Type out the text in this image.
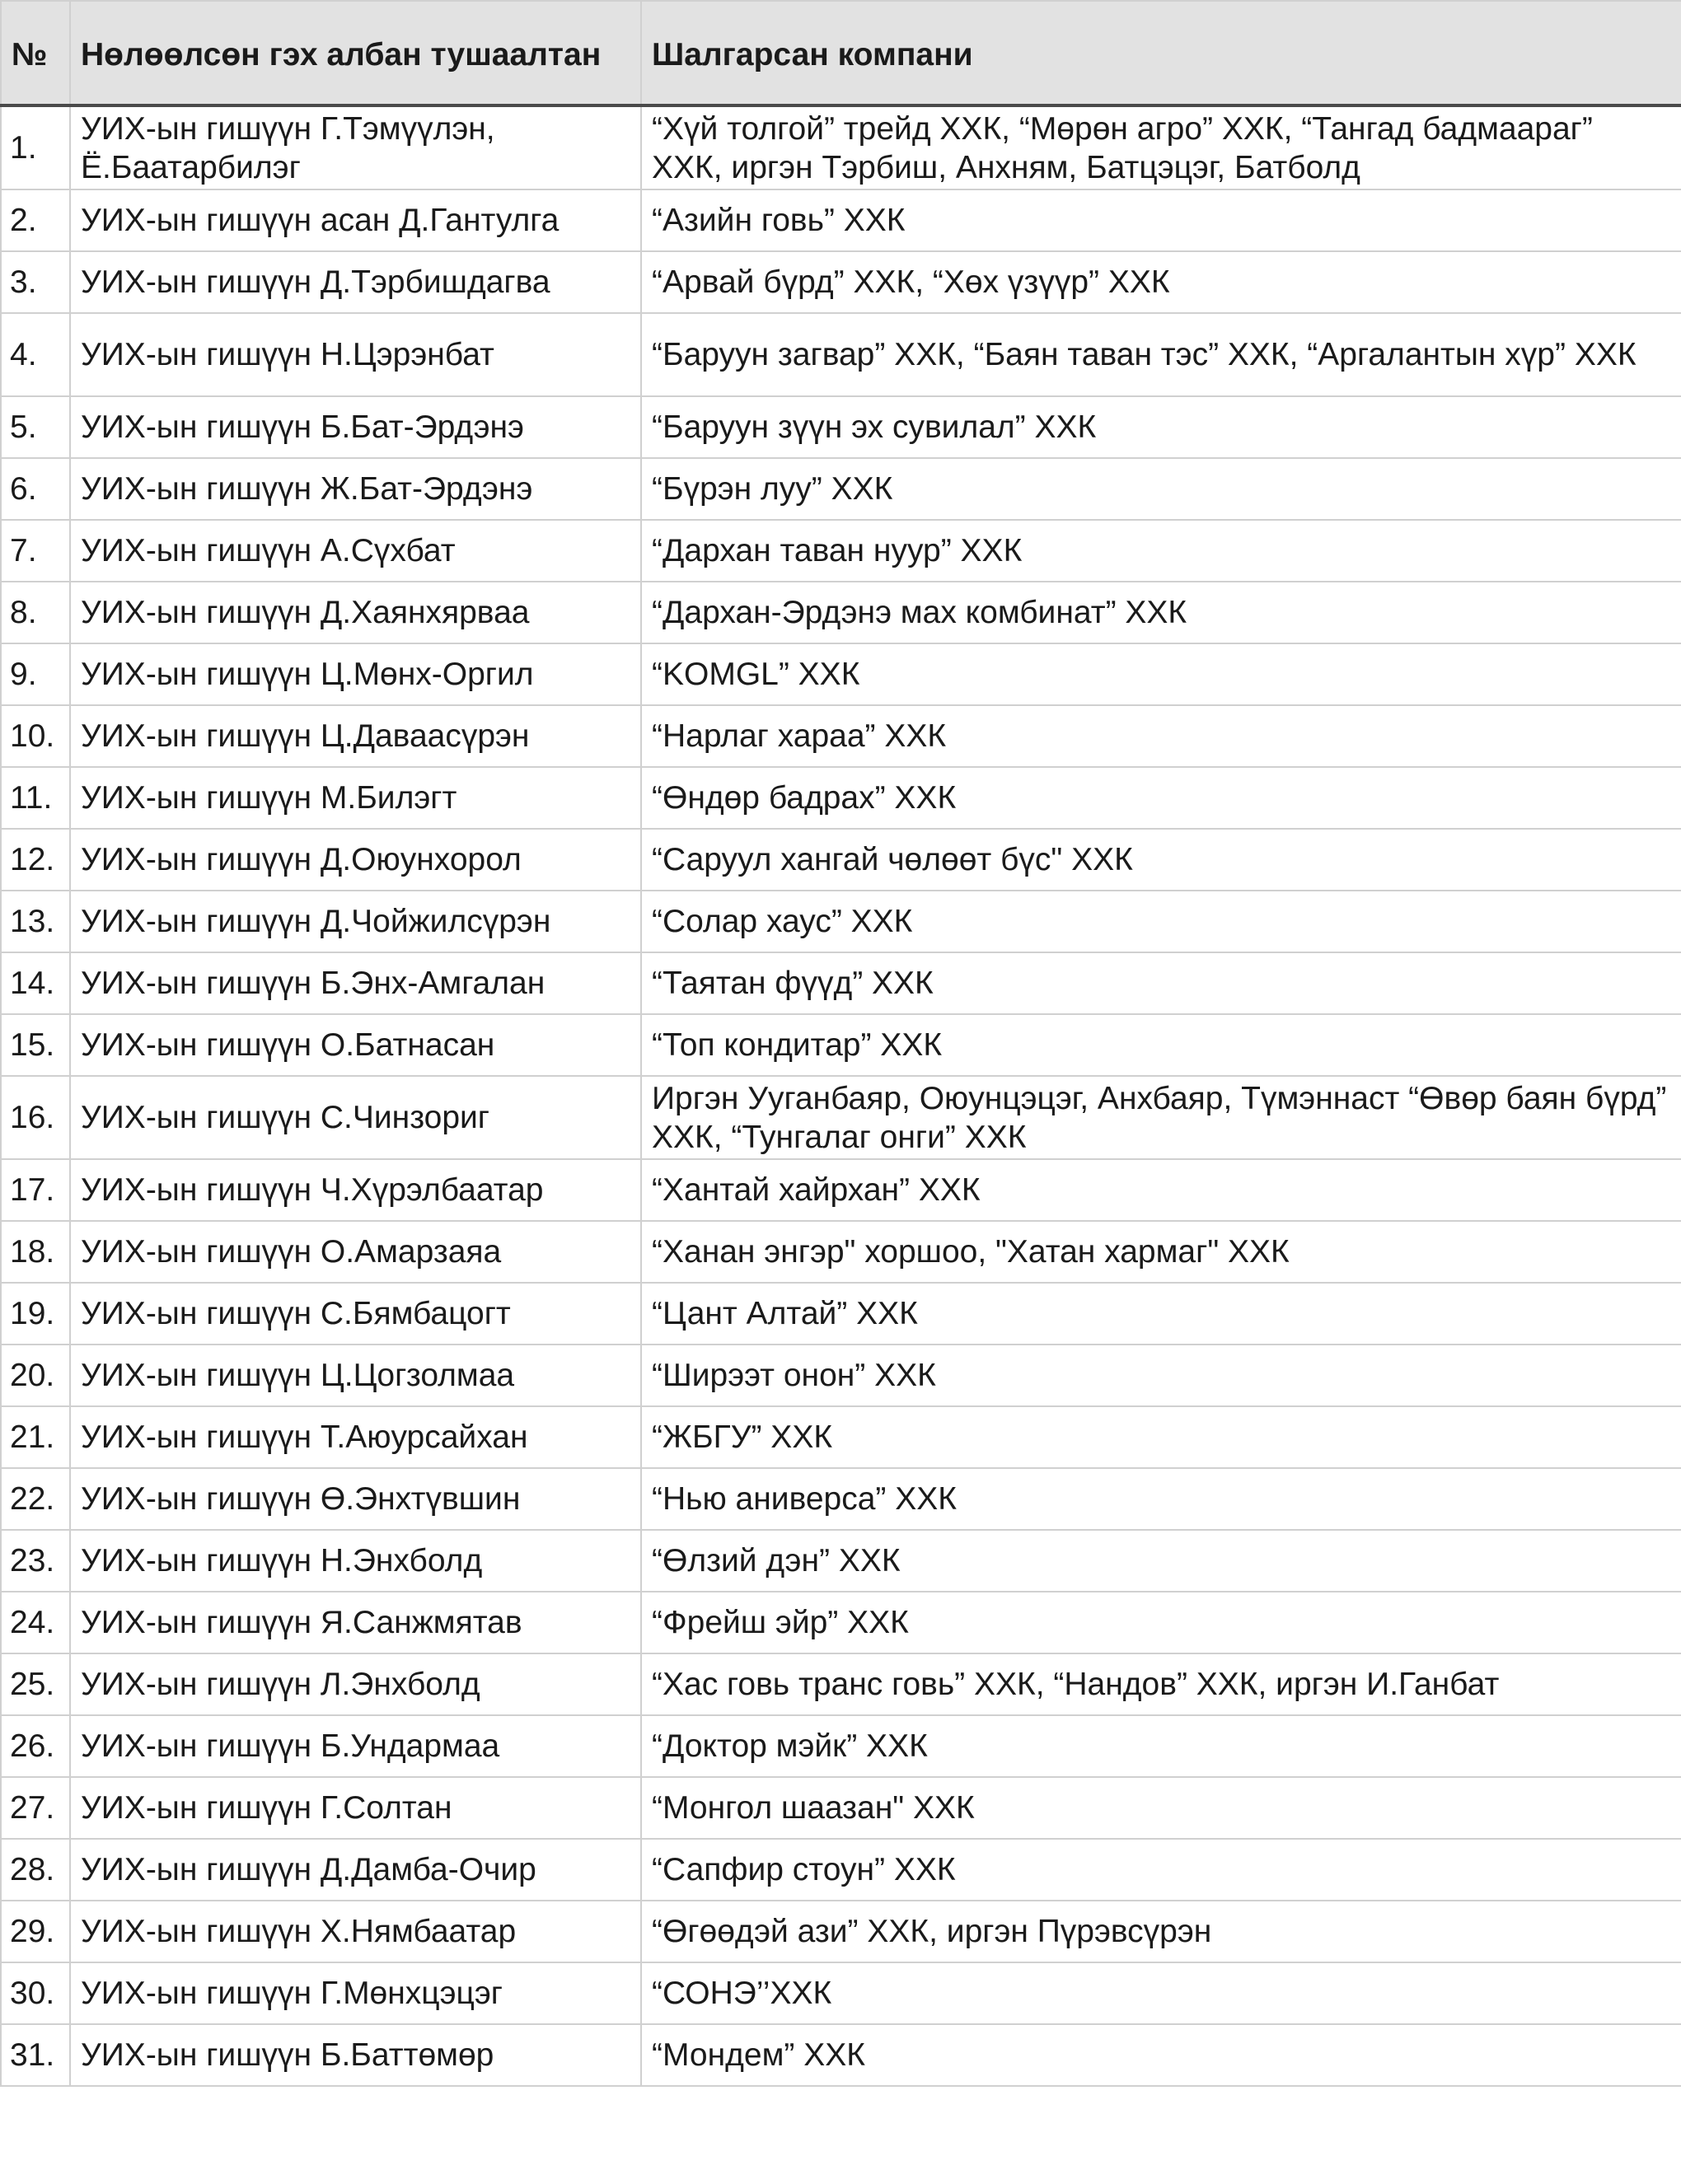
№	Нөлөөлсөн гэх албан тушаалтан	Шалгарсан компани
1.	УИХ-ын гишүүн Г.Тэмүүлэн, Ё.Баатарбилэг	“Хүй толгой” трейд ХХК, “Мөрөн агро” ХХК, “Тангад бадмаараг” ХХК, иргэн Тэрбиш, Анхням, Батцэцэг, Батболд
2.	УИХ-ын гишүүн асан Д.Гантулга	“Азийн говь” ХХК
3.	УИХ-ын гишүүн Д.Тэрбишдагва	“Арвай бүрд” ХХК, “Хөх үзүүр” ХХК
4.	УИХ-ын гишүүн Н.Цэрэнбат	“Баруун загвар” ХХК, “Баян таван тэс” ХХК, “Аргалантын хүр” ХХК
5.	УИХ-ын гишүүн Б.Бат-Эрдэнэ	“Баруун зүүн эх сувилал” ХХК
6.	УИХ-ын гишүүн Ж.Бат-Эрдэнэ	“Бүрэн луу” ХХК
7.	УИХ-ын гишүүн А.Сүхбат	“Дархан таван нуур” ХХК
8.	УИХ-ын гишүүн Д.Хаянхярваа	“Дархан-Эрдэнэ мах комбинат” ХХК
9.	УИХ-ын гишүүн Ц.Мөнх-Оргил	“KOMGL” ХХК
10.	УИХ-ын гишүүн Ц.Даваасүрэн	“Нарлаг хараа” ХХК
11.	УИХ-ын гишүүн М.Билэгт	“Өндөр бадрах” ХХК
12.	УИХ-ын гишүүн Д.Оюунхорол	“Саруул хангай чөлөөт бүс" ХХК
13.	УИХ-ын гишүүн Д.Чойжилсүрэн	“Солар хаус” ХХК
14.	УИХ-ын гишүүн Б.Энх-Амгалан	“Таятан фүүд” ХХК
15.	УИХ-ын гишүүн О.Батнасан	“Топ кондитар” ХХК
16.	УИХ-ын гишүүн С.Чинзориг	Иргэн Ууганбаяр, Оюунцэцэг, Анхбаяр, Түмэннаст “Өвөр баян бүрд” ХХК, “Тунгалаг онги” ХХК
17.	УИХ-ын гишүүн Ч.Хүрэлбаатар	“Хантай хайрхан” ХХК
18.	УИХ-ын гишүүн О.Амарзаяа	“Ханан энгэр" хоршоо, "Хатан хармаг" ХХК
19.	УИХ-ын гишүүн С.Бямбацогт	“Цант Алтай” ХХК
20.	УИХ-ын гишүүн Ц.Цогзолмаа	“Ширээт онон” ХХК
21.	УИХ-ын гишүүн Т.Аюурсайхан	“ЖБГУ” ХХК
22.	УИХ-ын гишүүн Ө.Энхтүвшин	“Нью аниверса” ХХК
23.	УИХ-ын гишүүн Н.Энхболд	“Өлзий дэн” ХХК
24.	УИХ-ын гишүүн Я.Санжмятав	“Фрейш эйр” ХХК
25.	УИХ-ын гишүүн Л.Энхболд	“Хас говь транс говь” ХХК, “Нандов” ХХК, иргэн И.Ганбат
26.	УИХ-ын гишүүн Б.Ундармаа	“Доктор мэйк” ХХК
27.	УИХ-ын гишүүн Г.Солтан	“Монгол шаазан" ХХК
28.	УИХ-ын гишүүн Д.Дамба-Очир	“Сапфир стоун” ХХК
29.	УИХ-ын гишүүн Х.Нямбаатар	“Өгөөдэй ази” ХХК, иргэн Пүрэвсүрэн
30.	УИХ-ын гишүүн Г.Мөнхцэцэг	“СОНЭ’’ХХК
31.	УИХ-ын гишүүн Б.Баттөмөр	“Мондем” ХХК
